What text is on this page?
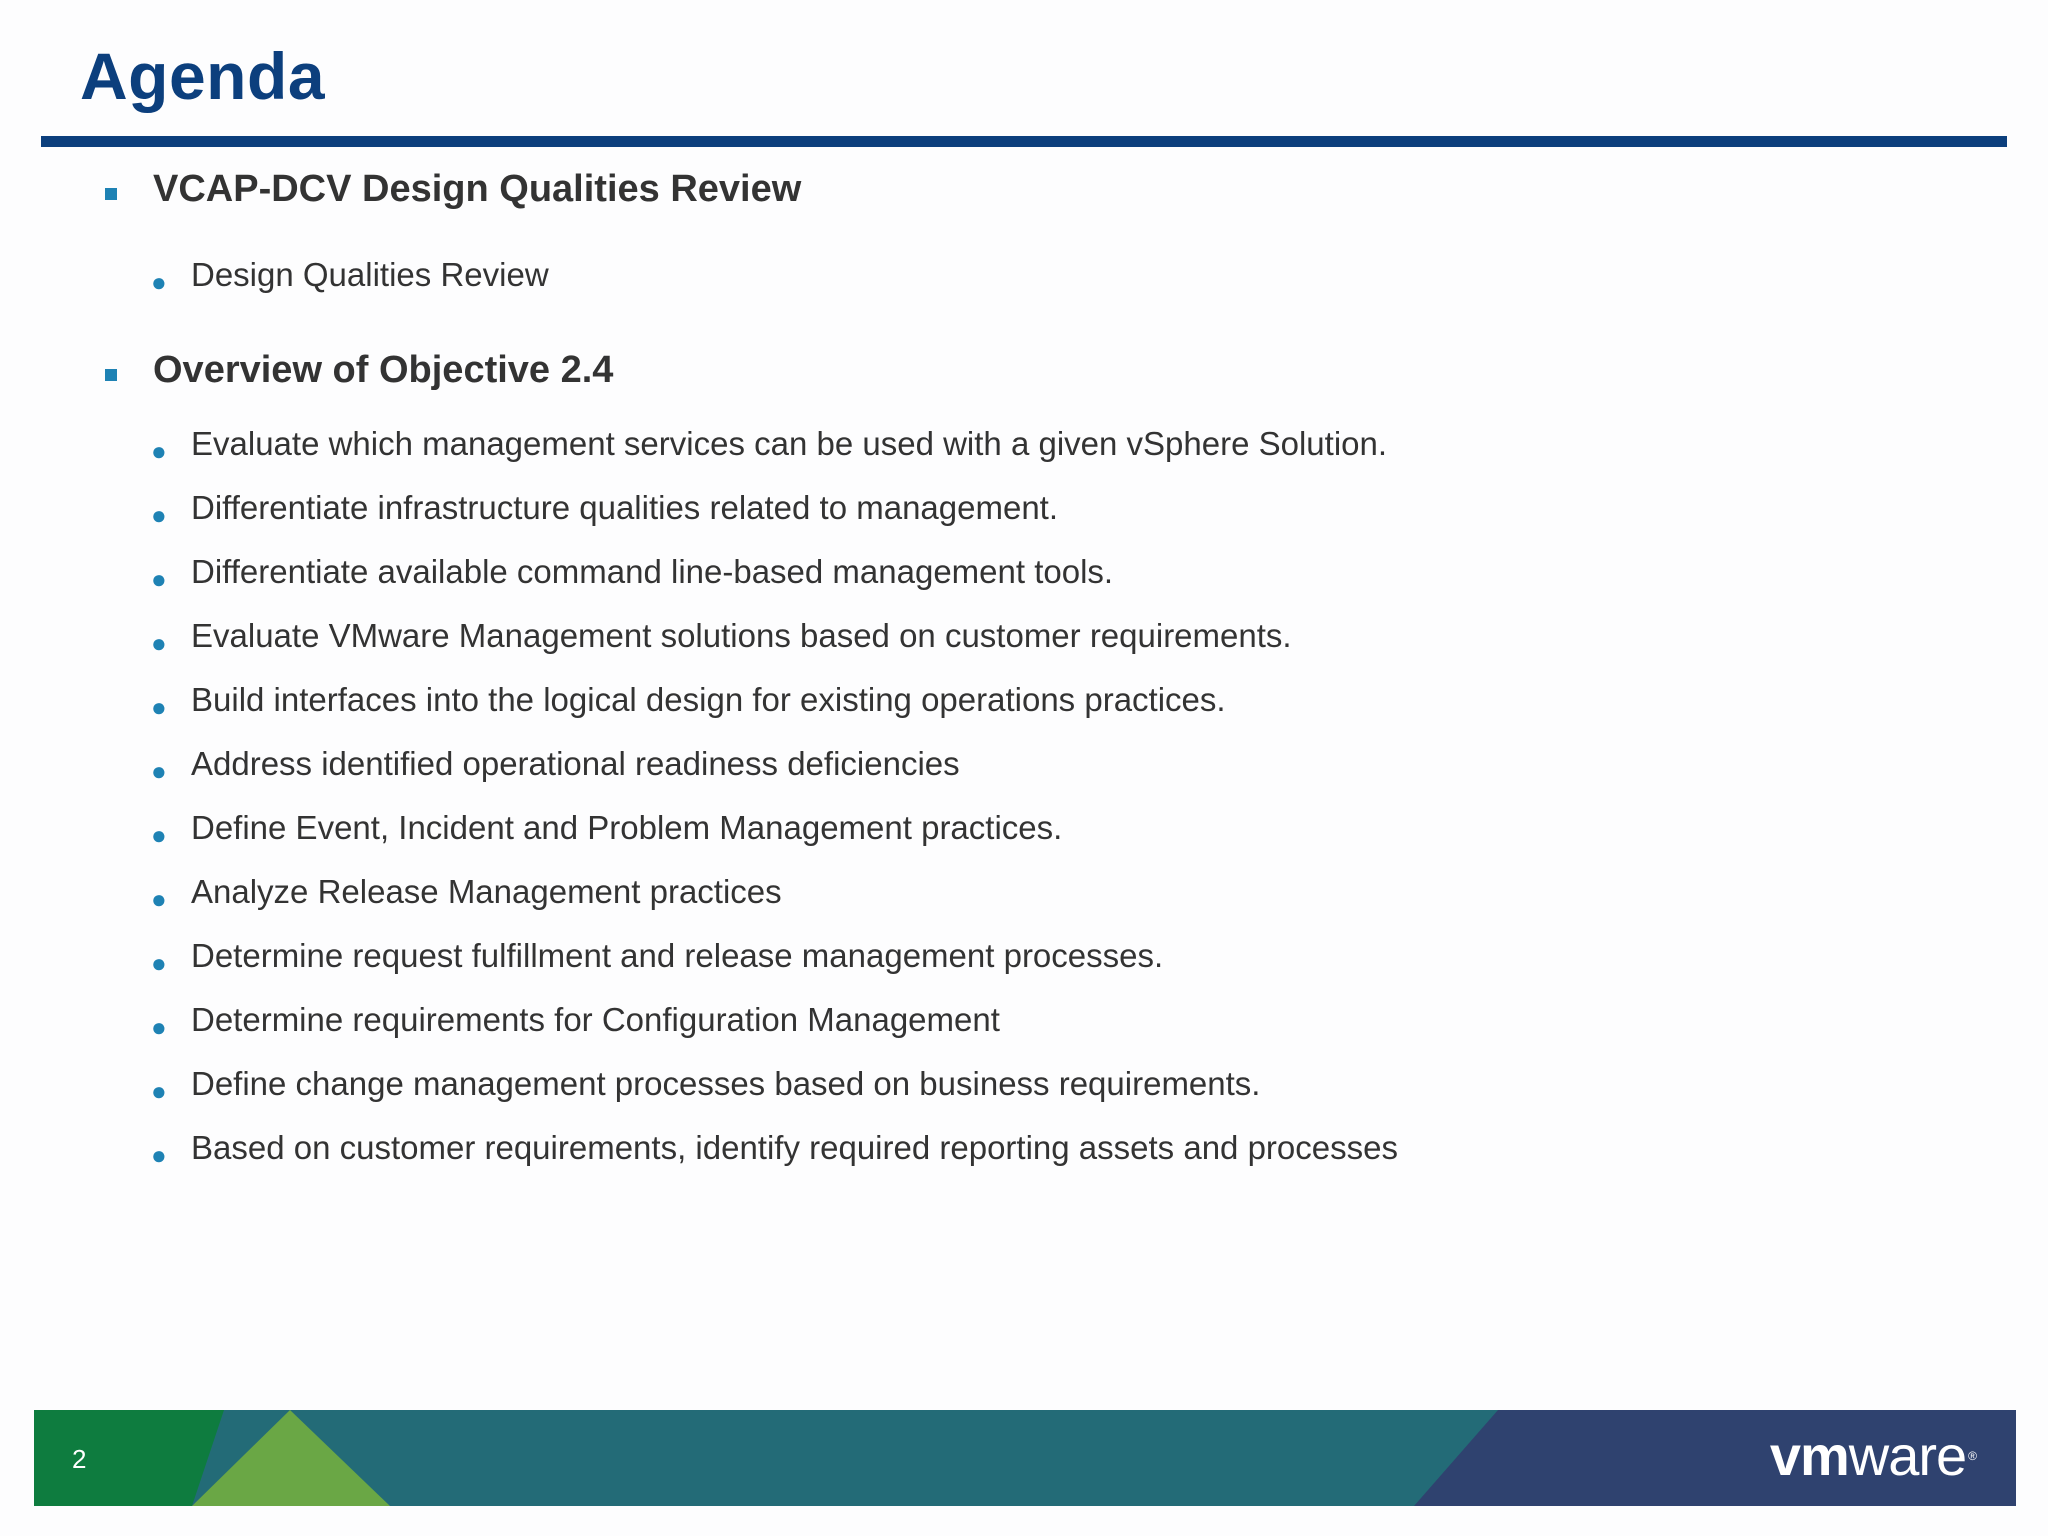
Agenda
VCAP-DCV Design Qualities Review
● Design Qualities Review
Overview of Objective 2.4
● Evaluate which management services can be used with a given vSphere Solution.
● Differentiate infrastructure qualities related to management.
● Differentiate available command line-based management tools.
● Evaluate VMware Management solutions based on customer requirements.
● Build interfaces into the logical design for existing operations practices.
● Address identified operational readiness deficiencies
● Define Event, Incident and Problem Management practices.
● Analyze Release Management practices
● Determine request fulfillment and release management processes.
● Determine requirements for Configuration Management
● Define change management processes based on business requirements.
● Based on customer requirements, identify required reporting assets and processes
2	vmware ®
